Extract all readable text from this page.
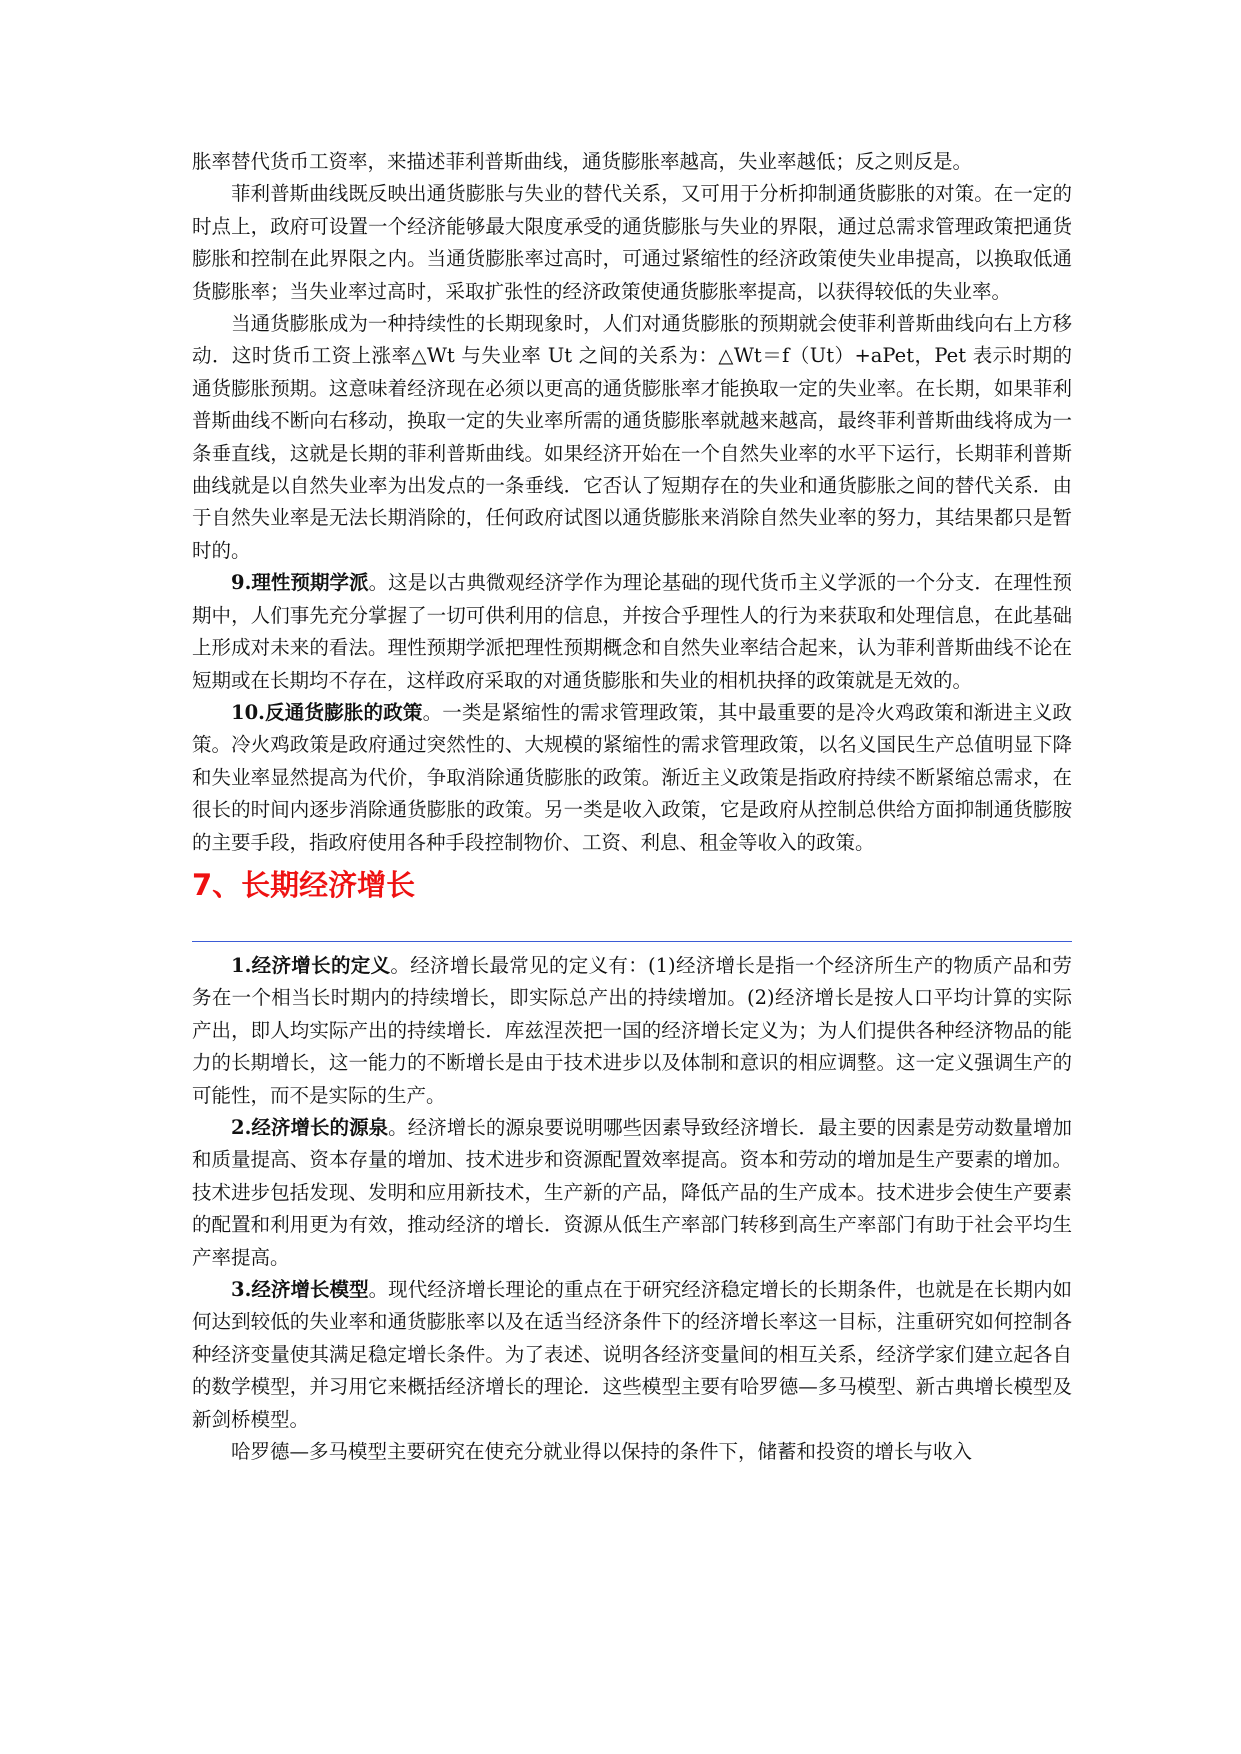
胀率替代货币工资率，来描述菲利普斯曲线，通货膨胀率越高，失业率越低；反之则反是。

菲利普斯曲线既反映出通货膨胀与失业的替代关系，又可用于分析抑制通货膨胀的对策。在一定的时点上，政府可设置一个经济能够最大限度承受的通货膨胀与失业的界限，通过总需求管理政策把通货膨胀和控制在此界限之内。当通货膨胀率过高时，可通过紧缩性的经济政策使失业串提高，以换取低通货膨胀率；当失业率过高时，采取扩张性的经济政策使通货膨胀率提高，以获得较低的失业率。

当通货膨胀成为一种持续性的长期现象时，人们对通货膨胀的预期就会使菲利普斯曲线向右上方移动．这时货币工资上涨率△Wt 与失业率 Ut 之间的关系为：△Wt＝f（Ut）+aPet，Pet 表示时期的通货膨胀预期。这意味着经济现在必须以更高的通货膨胀率才能换取一定的失业率。在长期，如果菲利普斯曲线不断向右移动，换取一定的失业率所需的通货膨胀率就越来越高，最终菲利普斯曲线将成为一条垂直线，这就是长期的菲利普斯曲线。如果经济开始在一个自然失业率的水平下运行，长期菲利普斯曲线就是以自然失业率为出发点的一条垂线．它否认了短期存在的失业和通货膨胀之间的替代关系．由于自然失业率是无法长期消除的，任何政府试图以通货膨胀来消除自然失业率的努力，其结果都只是暂时的。

9.理性预期学派。这是以古典微观经济学作为理论基础的现代货币主义学派的一个分支．在理性预期中，人们事先充分掌握了一切可供利用的信息，并按合乎理性人的行为来获取和处理信息，在此基础上形成对未来的看法。理性预期学派把理性预期概念和自然失业率结合起来，认为菲利普斯曲线不论在短期或在长期均不存在，这样政府采取的对通货膨胀和失业的相机抉择的政策就是无效的。

10.反通货膨胀的政策。一类是紧缩性的需求管理政策，其中最重要的是冷火鸡政策和渐进主义政策。冷火鸡政策是政府通过突然性的、大规模的紧缩性的需求管理政策，以名义国民生产总值明显下降和失业率显然提高为代价，争取消除通货膨胀的政策。渐近主义政策是指政府持续不断紧缩总需求，在很长的时间内逐步消除通货膨胀的政策。另一类是收入政策，它是政府从控制总供给方面抑制通货膨胺的主要手段，指政府使用各种手段控制物价、工资、利息、租金等收入的政策。

7、长期经济增长

1.经济增长的定义。经济增长最常见的定义有：(1)经济增长是指一个经济所生产的物质产品和劳务在一个相当长时期内的持续增长，即实际总产出的持续增加。(2)经济增长是按人口平均计算的实际产出，即人均实际产出的持续增长．库兹涅茨把一国的经济增长定义为；为人们提供各种经济物品的能力的长期增长，这一能力的不断增长是由于技术进步以及体制和意识的相应调整。这一定义强调生产的可能性，而不是实际的生产。

2.经济增长的源泉。经济增长的源泉要说明哪些因素导致经济增长．最主要的因素是劳动数量增加和质量提高、资本存量的增加、技术进步和资源配置效率提高。资本和劳动的增加是生产要素的增加。技术进步包括发现、发明和应用新技术，生产新的产品，降低产品的生产成本。技术进步会使生产要素的配置和利用更为有效，推动经济的增长．资源从低生产率部门转移到高生产率部门有助于社会平均生产率提高。

3.经济增长模型。现代经济增长理论的重点在于研究经济稳定增长的长期条件，也就是在长期内如何达到较低的失业率和通货膨胀率以及在适当经济条件下的经济增长率这一目标，注重研究如何控制各种经济变量使其满足稳定增长条件。为了表述、说明各经济变量间的相互关系，经济学家们建立起各自的数学模型，并习用它来概括经济增长的理论．这些模型主要有哈罗德—多马模型、新古典增长模型及新剑桥模型。

哈罗德—多马模型主要研究在使充分就业得以保持的条件下，储蓄和投资的增长与收入
